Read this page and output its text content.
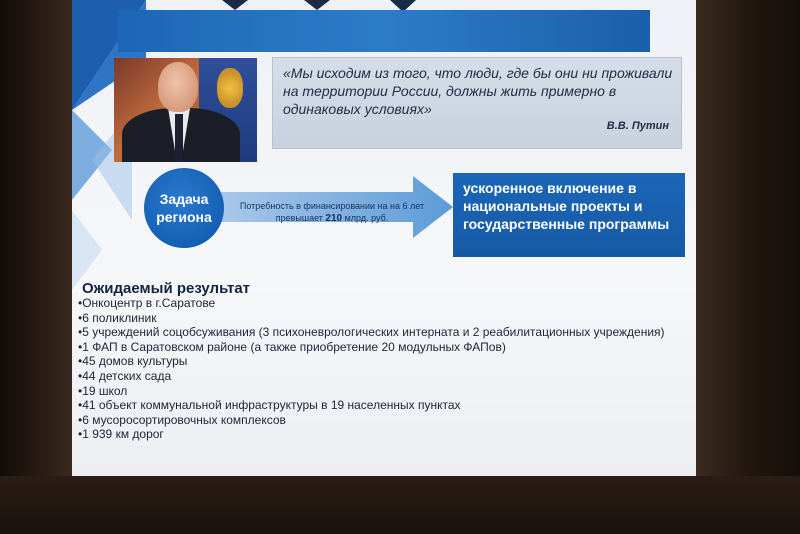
«Мы исходим из того, что люди, где бы они ни проживали на территории России, должны жить примерно в одинаковых условиях»

В.В. Путин
Потребность в финансировании на на 6 лет превышает 210 млрд. руб.
Задача региона
ускоренное включение в национальные проекты и государственные программы
Ожидаемый результат
•Онкоцентр в г.Саратове
•6 поликлиник
•5 учреждений соцобсуживания (3 психоневрологических интерната и 2 реабилитационных учреждения)
•1 ФАП в Саратовском районе (а также приобретение 20 модульных ФАПов)
•45 домов культуры
•44 детских сада
•19 школ
•41 объект коммунальной инфраструктуры в 19 населенных пунктах
•6 мусоросортировочных комплексов
•1 939 км дорог
